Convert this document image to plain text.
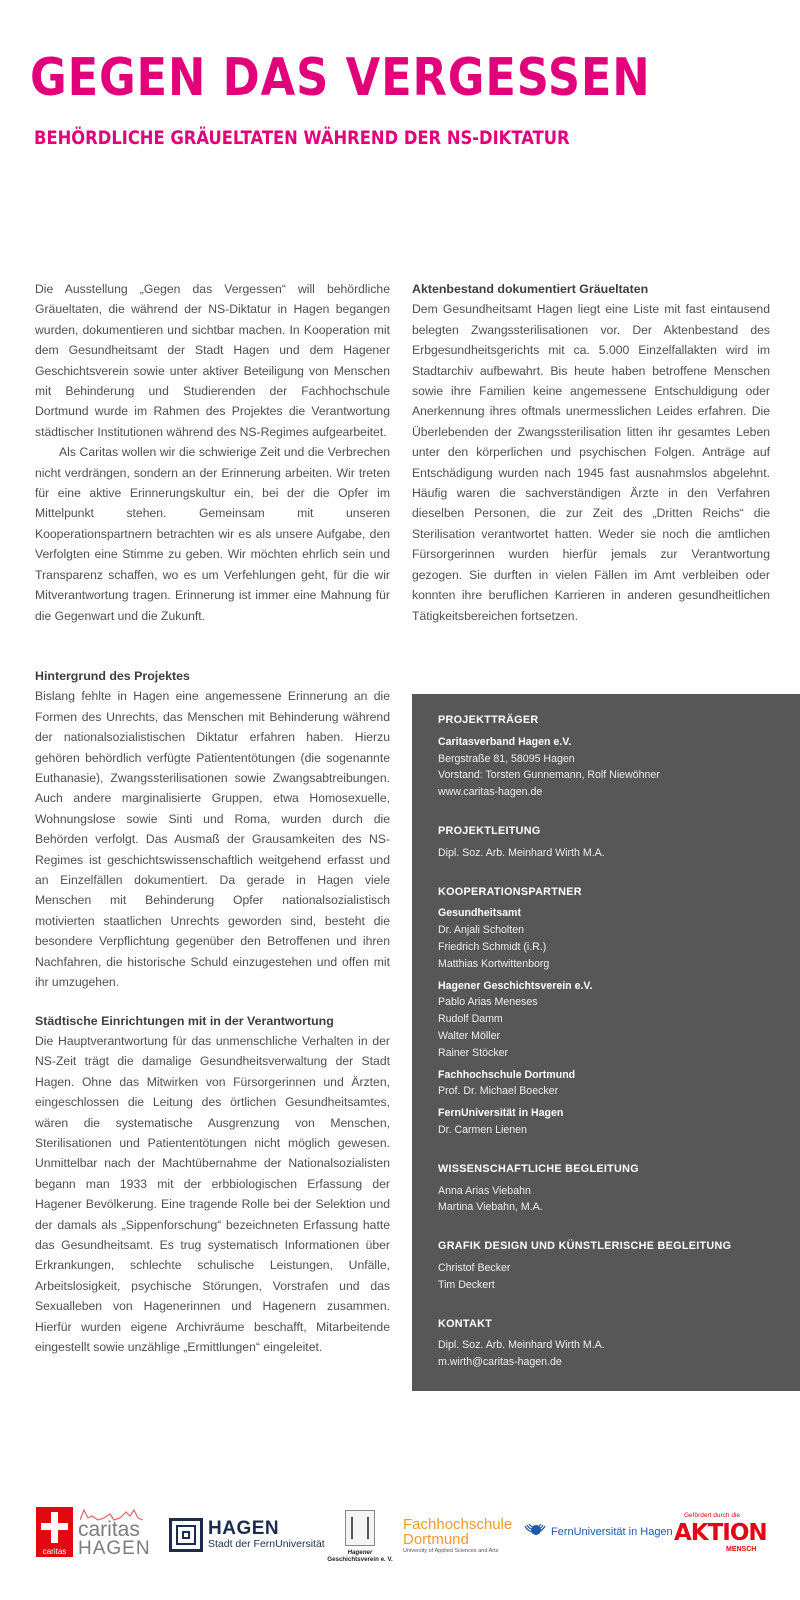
GEGEN DAS VERGESSEN
BEHÖRDLICHE GRÄUELTATEN WÄHREND DER NS-DIKTATUR

Die Ausstellung „Gegen das Vergessen“ will behördliche Gräueltaten, die während der NS-Diktatur in Hagen begangen wurden, dokumentieren und sichtbar machen. In Kooperation mit dem Gesundheitsamt der Stadt Hagen und dem Hagener Geschichtsverein sowie unter aktiver Beteiligung von Menschen mit Behinderung und Studierenden der Fachhochschule Dortmund wurde im Rahmen des Projektes die Verantwortung städtischer Institutionen während des NS-Regimes aufgearbeitet.

Als Caritas wollen wir die schwierige Zeit und die Verbrechen nicht verdrängen, sondern an der Erinnerung arbeiten. Wir treten für eine aktive Erinnerungskultur ein, bei der die Opfer im Mittelpunkt stehen. Gemeinsam mit unseren Kooperationspartnern betrachten wir es als unsere Aufgabe, den Verfolgten eine Stimme zu geben. Wir möchten ehrlich sein und Transparenz schaffen, wo es um Verfehlungen geht, für die wir Mitverantwortung tragen. Erinnerung ist immer eine Mahnung für die Gegenwart und die Zukunft.

Aktenbestand dokumentiert Gräueltaten

Dem Gesundheitsamt Hagen liegt eine Liste mit fast eintausend belegten Zwangssterilisationen vor. Der Aktenbestand des Erbgesundheitsgerichts mit ca. 5.000 Einzelfallakten wird im Stadtarchiv aufbewahrt. Bis heute haben betroffene Menschen sowie ihre Familien keine angemessene Entschuldigung oder Anerkennung ihres oftmals unermesslichen Leides erfahren. Die Überlebenden der Zwangssterilisation litten ihr gesamtes Leben unter den körperlichen und psychischen Folgen. Anträge auf Entschädigung wurden nach 1945 fast ausnahmslos abgelehnt. Häufig waren die sachverständigen Ärzte in den Verfahren dieselben Personen, die zur Zeit des „Dritten Reichs“ die Sterilisation verantwortet hatten. Weder sie noch die amtlichen Fürsorgerinnen wurden hierfür jemals zur Verantwortung gezogen. Sie durften in vielen Fällen im Amt verbleiben oder konnten ihre beruflichen Karrieren in anderen gesundheitlichen Tätigkeitsbereichen fortsetzen.

Hintergrund des Projektes

Bislang fehlte in Hagen eine angemessene Erinnerung an die Formen des Unrechts, das Menschen mit Behinderung während der nationalsozialistischen Diktatur erfahren haben. Hierzu gehören behördlich verfügte Patiententötungen (die sogenannte Euthanasie), Zwangssterilisationen sowie Zwangsabtreibungen. Auch andere marginalisierte Gruppen, etwa Homosexuelle, Wohnungslose sowie Sinti und Roma, wurden durch die Behörden verfolgt. Das Ausmaß der Grausamkeiten des NS-Regimes ist geschichtswissenschaftlich weitgehend erfasst und an Einzelfällen dokumentiert. Da gerade in Hagen viele Menschen mit Behinderung Opfer nationalsozialistisch motivierten staatlichen Unrechts geworden sind, besteht die besondere Verpflichtung gegenüber den Betroffenen und ihren Nachfahren, die historische Schuld einzugestehen und offen mit ihr umzugehen.

Städtische Einrichtungen mit in der Verantwortung

Die Hauptverantwortung für das unmenschliche Verhalten in der NS-Zeit trägt die damalige Gesundheitsverwaltung der Stadt Hagen. Ohne das Mitwirken von Fürsorgerinnen und Ärzten, eingeschlossen die Leitung des örtlichen Gesundheitsamtes, wären die systematische Ausgrenzung von Menschen, Sterilisationen und Patiententötungen nicht möglich gewesen. Unmittelbar nach der Machtübernahme der Nationalsozialisten begann man 1933 mit der erbbiologischen Erfassung der Hagener Bevölkerung. Eine tragende Rolle bei der Selektion und der damals als „Sippenforschung“ bezeichneten Erfassung hatte das Gesundheitsamt. Es trug systematisch Informationen über Erkrankungen, schlechte schulische Leistungen, Unfälle, Arbeitslosigkeit, psychische Störungen, Vorstrafen und das Sexualleben von Hagenerinnen und Hagenern zusammen. Hierfür wurden eigene Archivräume beschafft, Mitarbeitende eingestellt sowie unzählige „Ermittlungen“ eingeleitet.

PROJEKTTRÄGER
Caritasverband Hagen e.V.
Bergstraße 81, 58095 Hagen
Vorstand: Torsten Gunnemann, Rolf Niewöhner
www.caritas-hagen.de
PROJEKTLEITUNG
Dipl. Soz. Arb. Meinhard Wirth M.A.
KOOPERATIONSPARTNER
Gesundheitsamt
Dr. Anjali Scholten
Friedrich Schmidt (i.R.)
Matthias Kortwittenborg
Hagener Geschichtsverein e.V.
Pablo Arias Meneses
Rudolf Damm
Walter Möller
Rainer Stöcker
Fachhochschule Dortmund
Prof. Dr. Michael Boecker
FernUniversität in Hagen
Dr. Carmen Lienen
WISSENSCHAFTLICHE BEGLEITUNG
Anna Arias Viebahn
Martina Viebahn, M.A.
GRAFIK DESIGN UND KÜNSTLERISCHE BEGLEITUNG
Christof Becker
Tim Deckert
KONTAKT
Dipl. Soz. Arb. Meinhard Wirth M.A.
m.wirth@caritas-hagen.de
caritas
caritas
HAGEN
HAGEN
Stadt der FernUniversität
Hagener
Geschichtsverein e. V.
Fachhochschule
Dortmund
University of Applied Sciences and Arts
FernUniversität in Hagen
Gefördert durch die
AKTION
MENSCH
